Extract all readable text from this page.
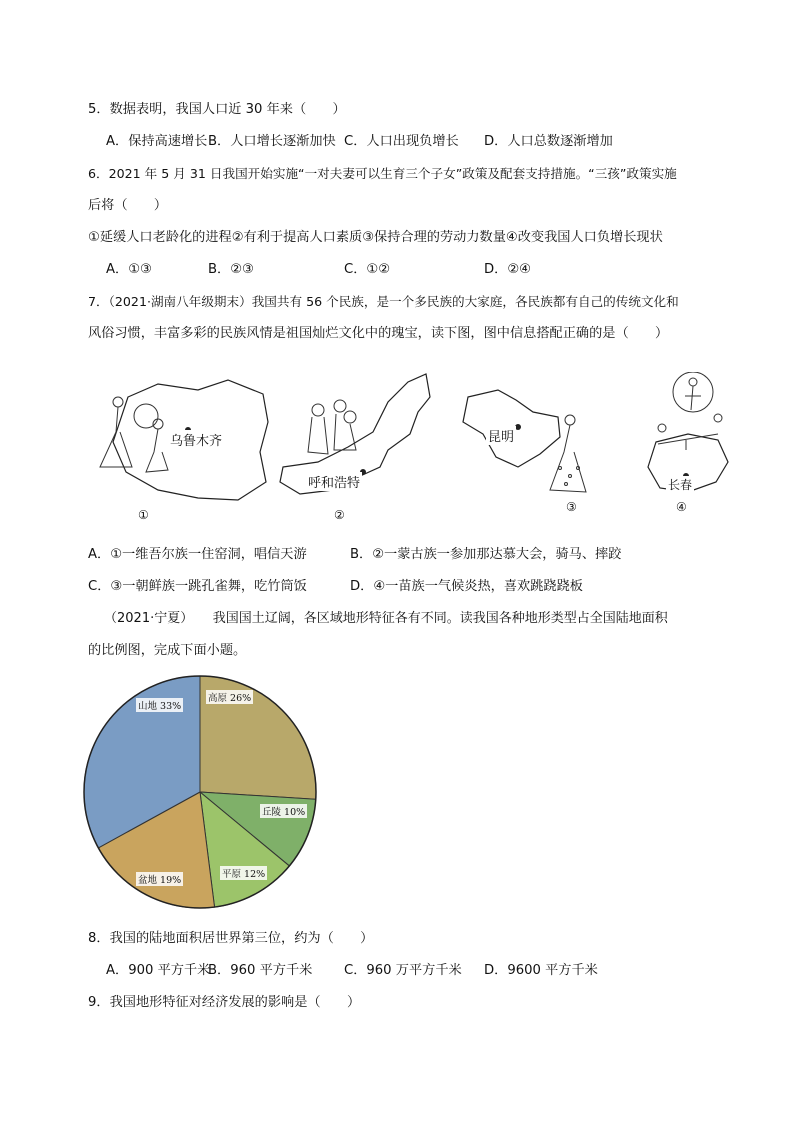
5．数据表明，我国人口近 30 年来（　　）
A．保持高速增长 B．人口增长逐渐加快 C．人口出现负增长 D．人口总数逐渐增加
6．2021 年 5 月 31 日我国开始实施“一对夫妻可以生育三个子女”政策及配套支持措施。“三孩”政策实施
后将（　　）
①延缓人口老龄化的进程②有利于提高人口素质③保持合理的劳动力数量④改变我国人口负增长现状
A．①③	B．②③	C．①②	D．②④
7．（2021·湖南八年级期末）我国共有 56 个民族，是一个多民族的大家庭，各民族都有自己的传统文化和
风俗习惯，丰富多彩的民族风情是祖国灿烂文化中的瑰宝，读下图，图中信息搭配正确的是（　　）
乌鲁木齐
呼和浩特
昆明
长春
①	②
③	④
A．①一维吾尔族一住窑洞，唱信天游	B．②一蒙古族一参加那达慕大会，骑马、摔跤
C．③一朝鲜族一跳孔雀舞，吃竹筒饭	D．④一苗族一气候炎热，喜欢跳跷跷板
（2021·宁夏）　　我国国土辽阔，各区域地形特征各有不同。读我国各种地形类型占全国陆地面积
的比例图，完成下面小题。
山地 33%
高原 26%
丘陵 10%
平原 12%
盆地 19%
8．我国的陆地面积居世界第三位，约为（　　）
A．900 平方千米
B．960 平方千米 C．960 万平方千米 D．9600 平方千米
9．我国地形特征对经济发展的影响是（　　）
